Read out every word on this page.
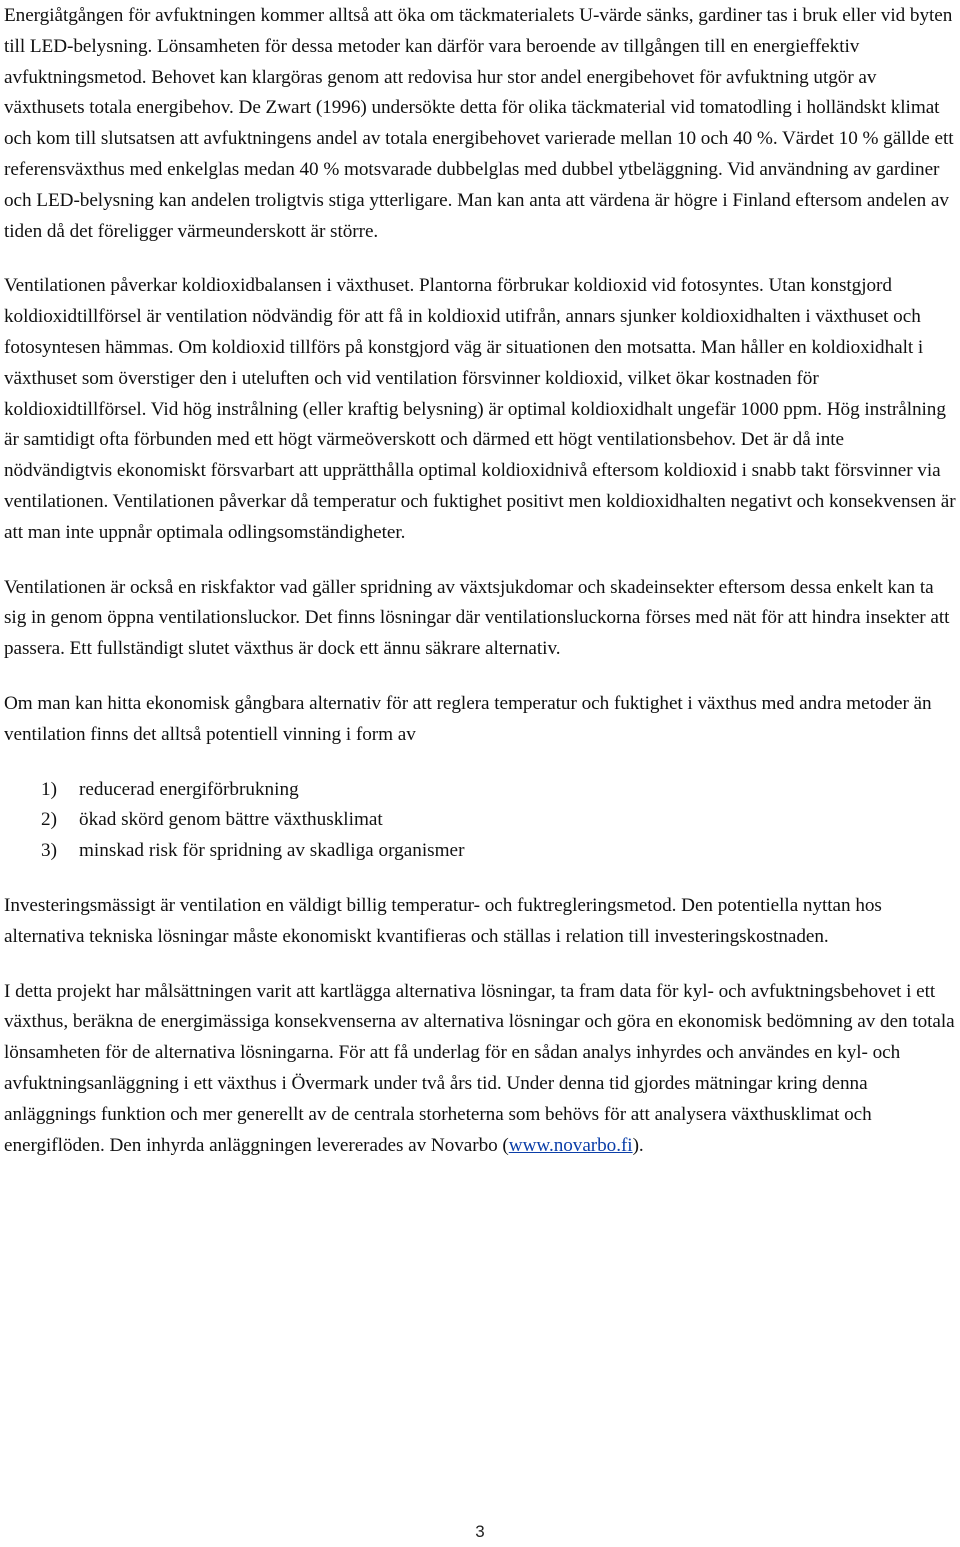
Energiåtgången för avfuktningen kommer alltså att öka om täckmaterialets U-värde sänks, gardiner tas i bruk eller vid byten till LED-belysning. Lönsamheten för dessa metoder kan därför vara beroende av tillgången till en energieffektiv avfuktningsmetod. Behovet kan klargöras genom att redovisa hur stor andel energibehovet för avfuktning utgör av växthusets totala energibehov. De Zwart (1996) undersökte detta för olika täckmaterial vid tomatodling i holländskt klimat och kom till slutsatsen att avfuktningens andel av totala energibehovet varierade mellan 10 och 40 %. Värdet 10 % gällde ett referensväxthus med enkelglas medan 40 % motsvarade dubbelglas med dubbel ytbeläggning. Vid användning av gardiner och LED-belysning kan andelen troligtvis stiga ytterligare. Man kan anta att värdena är högre i Finland eftersom andelen av tiden då det föreligger värmeunderskott är större.

Ventilationen påverkar koldioxidbalansen i växthuset. Plantorna förbrukar koldioxid vid fotosyntes. Utan konstgjord koldioxidtillförsel är ventilation nödvändig för att få in koldioxid utifrån, annars sjunker koldioxidhalten i växthuset och fotosyntesen hämmas. Om koldioxid tillförs på konstgjord väg är situationen den motsatta. Man håller en koldioxidhalt i växthuset som överstiger den i uteluften och vid ventilation försvinner koldioxid, vilket ökar kostnaden för koldioxidtillförsel. Vid hög instrålning (eller kraftig belysning) är optimal koldioxidhalt ungefär 1000 ppm. Hög instrålning är samtidigt ofta förbunden med ett högt värmeöverskott och därmed ett högt ventilationsbehov. Det är då inte nödvändigtvis ekonomiskt försvarbart att upprätthålla optimal koldioxidnivå eftersom koldioxid i snabb takt försvinner via ventilationen. Ventilationen påverkar då temperatur och fuktighet positivt men koldioxidhalten negativt och konsekvensen är att man inte uppnår optimala odlingsomständigheter.

Ventilationen är också en riskfaktor vad gäller spridning av växtsjukdomar och skadeinsekter eftersom dessa enkelt kan ta sig in genom öppna ventilationsluckor. Det finns lösningar där ventilationsluckorna förses med nät för att hindra insekter att passera. Ett fullständigt slutet växthus är dock ett ännu säkrare alternativ.

Om man kan hitta ekonomisk gångbara alternativ för att reglera temperatur och fuktighet i växthus med andra metoder än ventilation finns det alltså potentiell vinning i form av

1) reducerad energiförbrukning
2) ökad skörd genom bättre växthusklimat
3) minskad risk för spridning av skadliga organismer

Investeringsmässigt är ventilation en väldigt billig temperatur- och fuktregleringsmetod. Den potentiella nyttan hos alternativa tekniska lösningar måste ekonomiskt kvantifieras och ställas i relation till investeringskostnaden.

I detta projekt har målsättningen varit att kartlägga alternativa lösningar, ta fram data för kyl- och avfuktningsbehovet i ett växthus, beräkna de energimässiga konsekvenserna av alternativa lösningar och göra en ekonomisk bedömning av den totala lönsamheten för de alternativa lösningarna. För att få underlag för en sådan analys inhyrdes och användes en kyl- och avfuktningsanläggning i ett växthus i Övermark under två års tid. Under denna tid gjordes mätningar kring denna anläggnings funktion och mer generellt av de centrala storheterna som behövs för att analysera växthusklimat och energiflöden. Den inhyrda anläggningen levererades av Novarbo (www.novarbo.fi).

3
